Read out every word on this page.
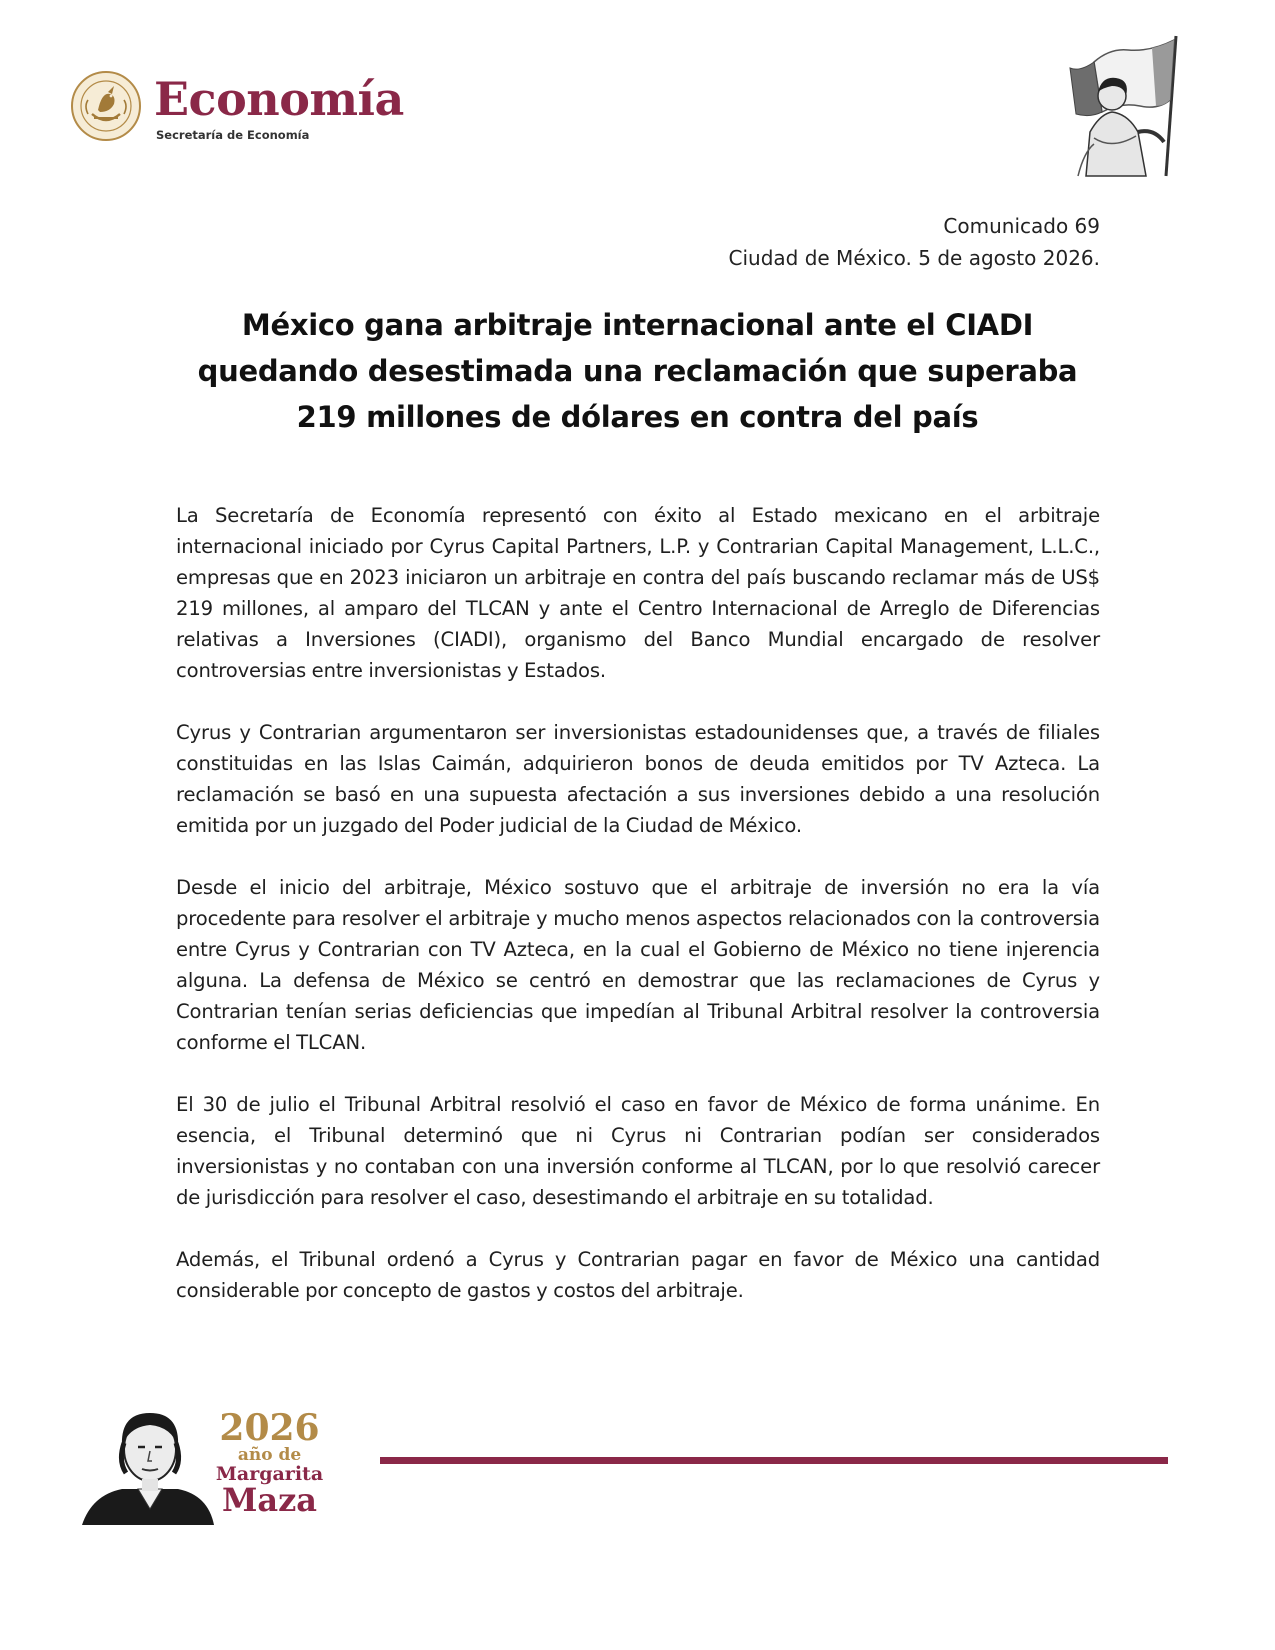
Economía
Secretaría de Economía
Comunicado 69
Ciudad de México. 5 de agosto 2026.
México gana arbitraje internacional ante el CIADI
quedando desestimada una reclamación que superaba
219 millones de dólares en contra del país

La Secretaría de Economía representó con éxito al Estado mexicano en el arbitraje internacional iniciado por Cyrus Capital Partners, L.P. y Contrarian Capital Management, L.L.C., empresas que en 2023 iniciaron un arbitraje en contra del país buscando reclamar más de US$ 219 millones, al amparo del TLCAN y ante el Centro Internacional de Arreglo de Diferencias relativas a Inversiones (CIADI), organismo del Banco Mundial encargado de resolver controversias entre inversionistas y Estados.

Cyrus y Contrarian argumentaron ser inversionistas estadounidenses que, a través de filiales constituidas en las Islas Caimán, adquirieron bonos de deuda emitidos por TV Azteca. La reclamación se basó en una supuesta afectación a sus inversiones debido a una resolución emitida por un juzgado del Poder judicial de la Ciudad de México.

Desde el inicio del arbitraje, México sostuvo que el arbitraje de inversión no era la vía procedente para resolver el arbitraje y mucho menos aspectos relacionados con la controversia entre Cyrus y Contrarian con TV Azteca, en la cual el Gobierno de México no tiene injerencia alguna. La defensa de México se centró en demostrar que las reclamaciones de Cyrus y Contrarian tenían serias deficiencias que impedían al Tribunal Arbitral resolver la controversia conforme el TLCAN.

El 30 de julio el Tribunal Arbitral resolvió el caso en favor de México de forma unánime. En esencia, el Tribunal determinó que ni Cyrus ni Contrarian podían ser considerados inversionistas y no contaban con una inversión conforme al TLCAN, por lo que resolvió carecer de jurisdicción para resolver el caso, desestimando el arbitraje en su totalidad.

Además, el Tribunal ordenó a Cyrus y Contrarian pagar en favor de México una cantidad considerable por concepto de gastos y costos del arbitraje.

2026
año de
Margarita
Maza
